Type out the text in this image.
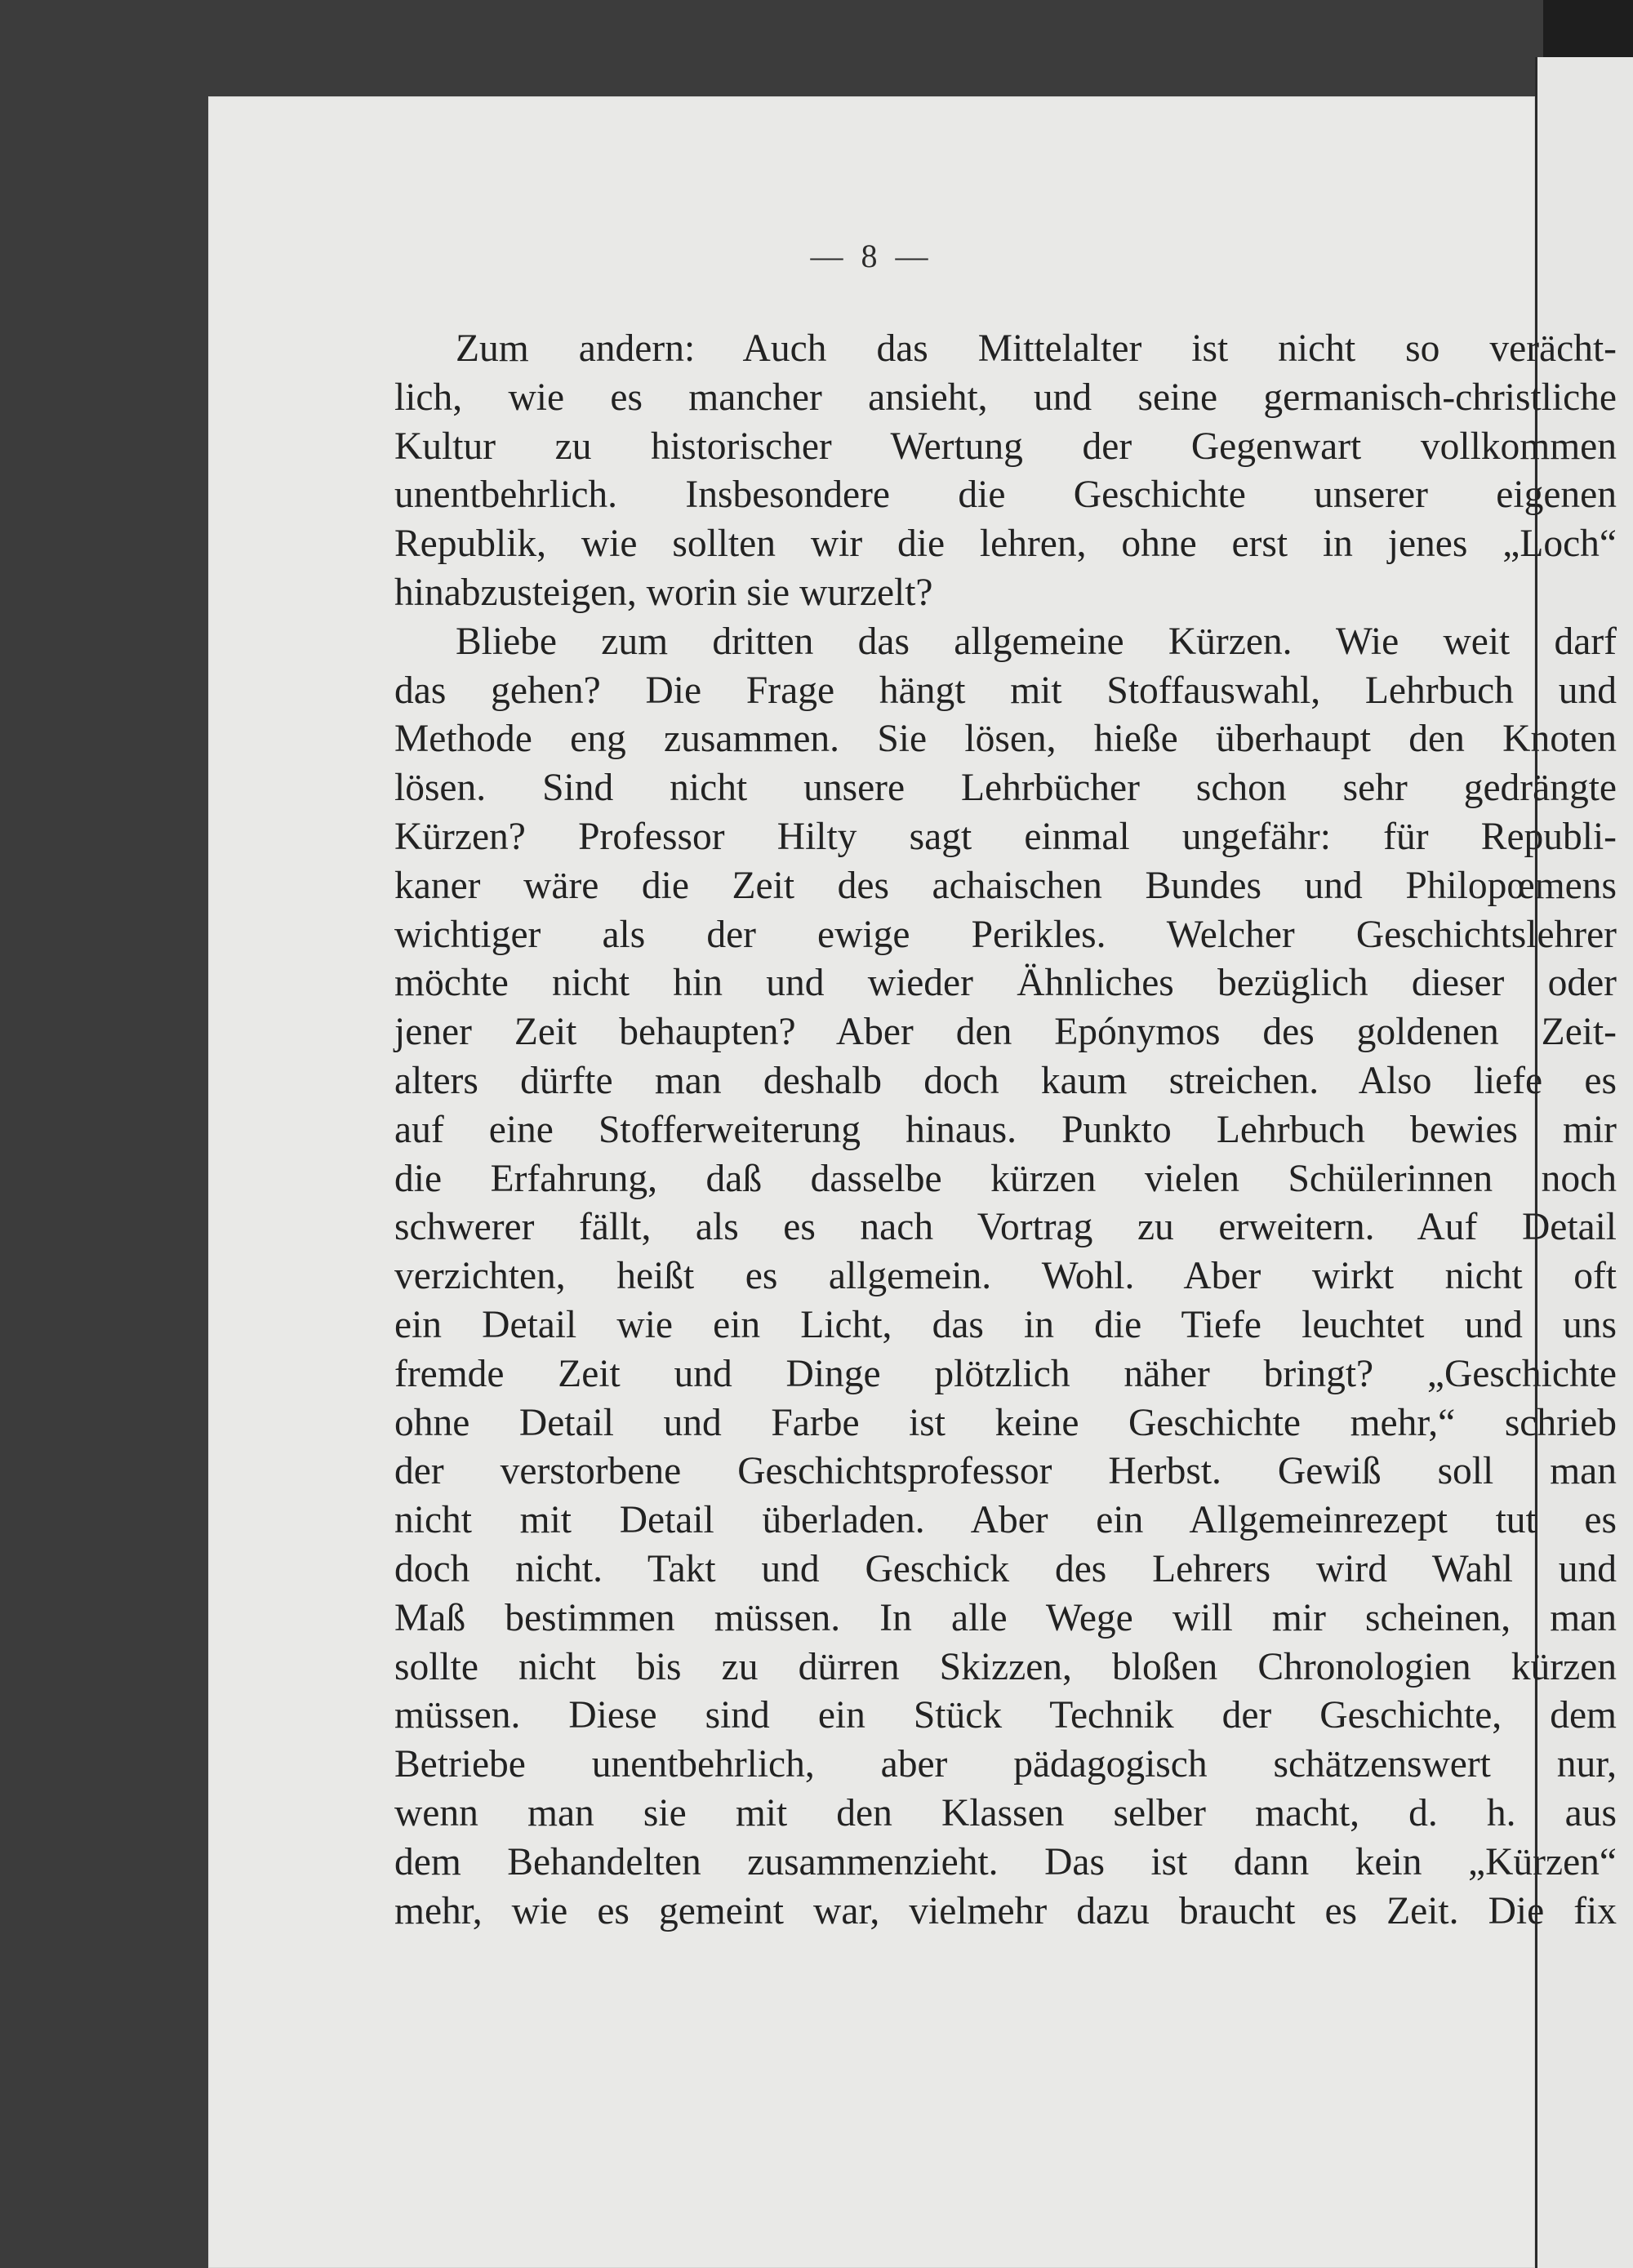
— 8 —
Zum andern: Auch das Mittelalter ist nicht so verächt-
lich, wie es mancher ansieht, und seine germanisch-christliche
Kultur zu historischer Wertung der Gegenwart vollkommen
unentbehrlich. Insbesondere die Geschichte unserer eigenen
Republik, wie sollten wir die lehren, ohne erst in jenes „Loch“
hinabzusteigen, worin sie wurzelt?
Bliebe zum dritten das allgemeine Kürzen. Wie weit darf
das gehen? Die Frage hängt mit Stoffauswahl, Lehrbuch und
Methode eng zusammen. Sie lösen, hieße überhaupt den Knoten
lösen. Sind nicht unsere Lehrbücher schon sehr gedrängte
Kürzen? Professor Hilty sagt einmal ungefähr: für Republi-
kaner wäre die Zeit des achaischen Bundes und Philopœmens
wichtiger als der ewige Perikles. Welcher Geschichtslehrer
möchte nicht hin und wieder Ähnliches bezüglich dieser oder
jener Zeit behaupten? Aber den Epónymos des goldenen Zeit-
alters dürfte man deshalb doch kaum streichen. Also liefe es
auf eine Stofferweiterung hinaus. Punkto Lehrbuch bewies mir
die Erfahrung, daß dasselbe kürzen vielen Schülerinnen noch
schwerer fällt, als es nach Vortrag zu erweitern. Auf Detail
verzichten, heißt es allgemein. Wohl. Aber wirkt nicht oft
ein Detail wie ein Licht, das in die Tiefe leuchtet und uns
fremde Zeit und Dinge plötzlich näher bringt? „Geschichte
ohne Detail und Farbe ist keine Geschichte mehr,“ schrieb
der verstorbene Geschichtsprofessor Herbst. Gewiß soll man
nicht mit Detail überladen. Aber ein Allgemeinrezept tut es
doch nicht. Takt und Geschick des Lehrers wird Wahl und
Maß bestimmen müssen. In alle Wege will mir scheinen, man
sollte nicht bis zu dürren Skizzen, bloßen Chronologien kürzen
müssen. Diese sind ein Stück Technik der Geschichte, dem
Betriebe unentbehrlich, aber pädagogisch schätzenswert nur,
wenn man sie mit den Klassen selber macht, d. h. aus
dem Behandelten zusammenzieht. Das ist dann kein „Kürzen“
mehr, wie es gemeint war, vielmehr dazu braucht es Zeit. Die fix
